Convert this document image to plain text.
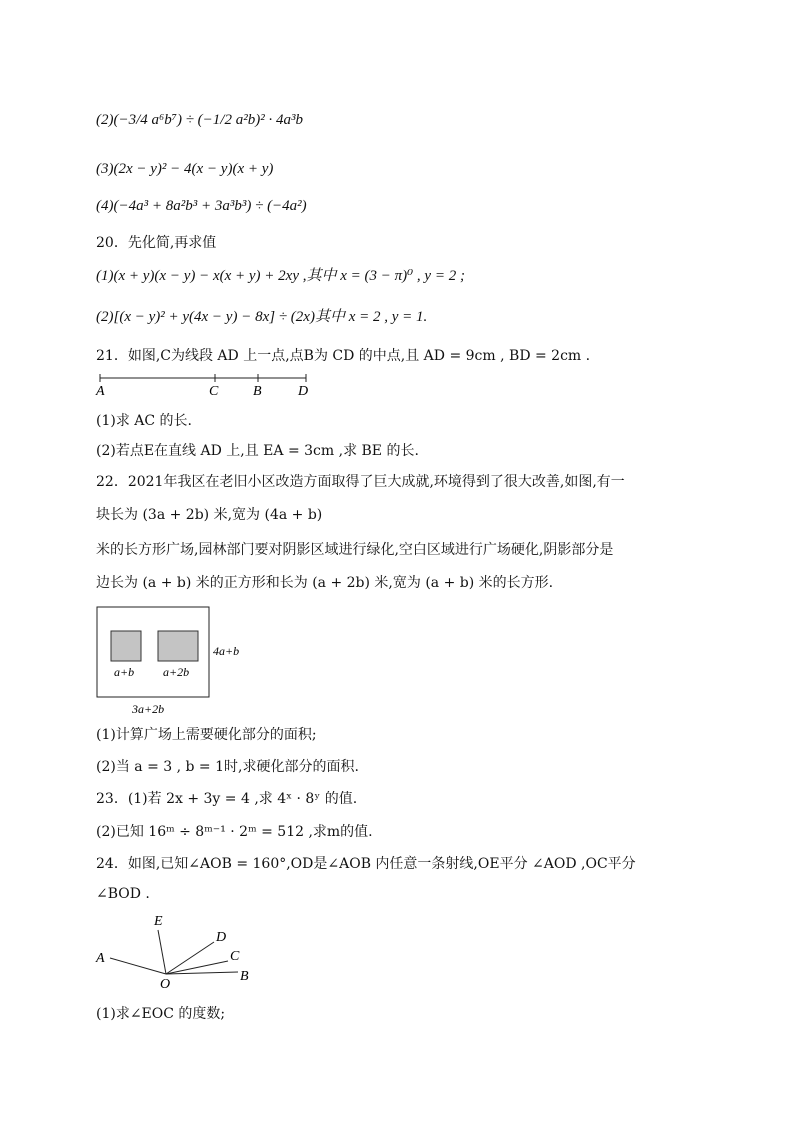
(2)(−3/4 a⁶b⁷) ÷ (−1/2 a²b)² · 4a³b
(3)(2x − y)² − 4(x − y)(x + y)
(4)(−4a³ + 8a²b³ + 3a³b³) ÷ (−4a²)
20．先化简,再求值
(1)(x + y)(x − y) − x(x + y) + 2xy ,其中 x = (3 − π)⁰ , y = 2 ;
(2)[(x − y)² + y(4x − y) − 8x] ÷ (2x)其中 x = 2 , y = 1.
21．如图,C为线段 AD 上一点,点B为 CD 的中点,且 AD = 9cm , BD = 2cm .
A	C B	D
(1)求 AC 的长.
(2)若点E在直线 AD 上,且 EA = 3cm ,求 BE 的长.
22．2021年我区在老旧小区改造方面取得了巨大成就,环境得到了很大改善,如图,有一
块长为 (3a + 2b) 米,宽为 (4a + b)
米的长方形广场,园林部门要对阴影区域进行绿化,空白区域进行广场硬化,阴影部分是
边长为 (a + b) 米的正方形和长为 (a + 2b) 米,宽为 (a + b) 米的长方形.
a+b a+2b
4a+b
3a+2b
(1)计算广场上需要硬化部分的面积;
(2)当 a = 3 , b = 1时,求硬化部分的面积.
23．(1)若 2x + 3y = 4 ,求 4ˣ · 8ʸ 的值.
(2)已知 16ᵐ ÷ 8ᵐ⁻¹ · 2ᵐ = 512 ,求m的值.
24．如图,已知∠AOB = 160°,OD是∠AOB 内任意一条射线,OE平分 ∠AOD ,OC平分
∠BOD .
E
D
A	C
B
O
(1)求∠EOC 的度数;
